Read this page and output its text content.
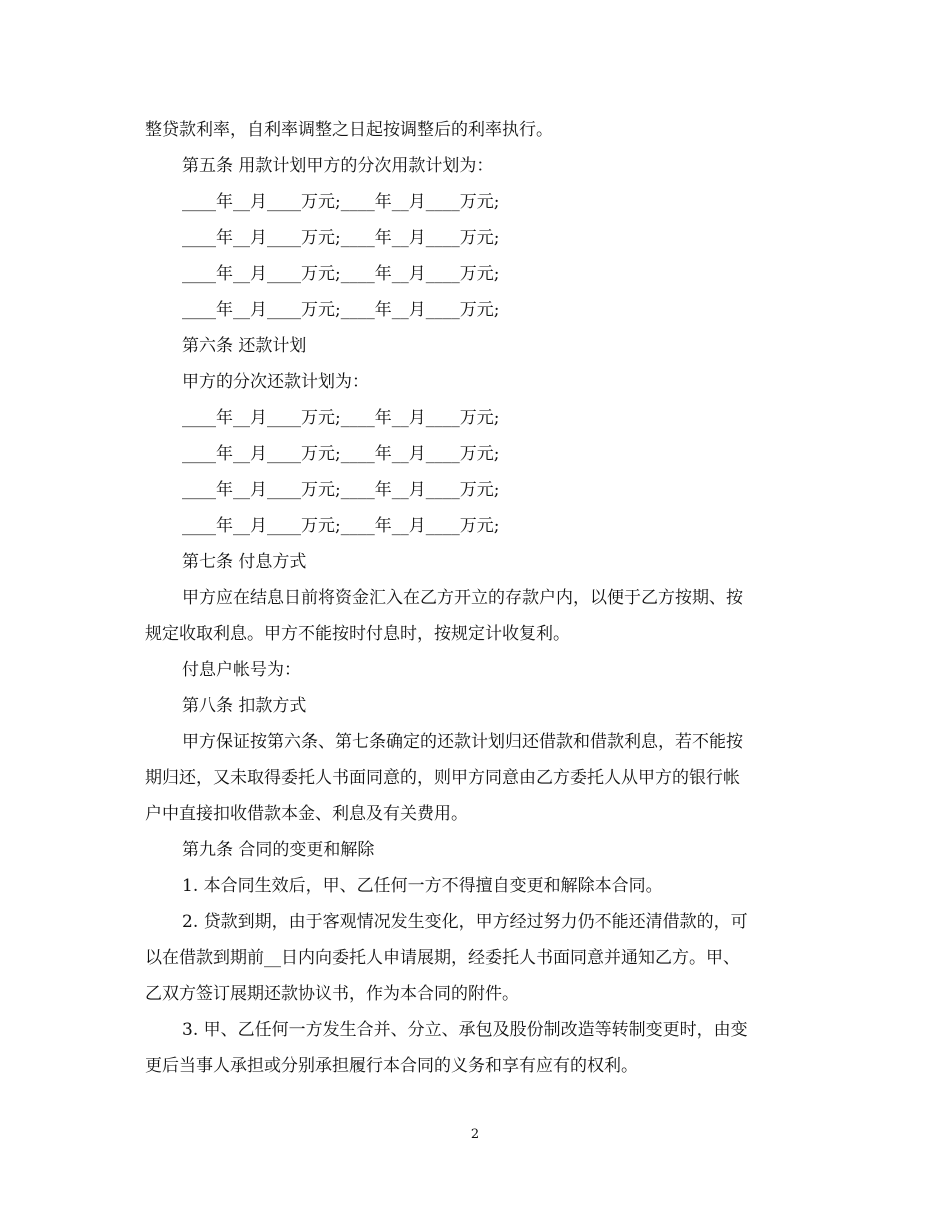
整贷款利率，自利率调整之日起按调整后的利率执行。
第五条 用款计划甲方的分次用款计划为：
____年__月____万元;____年__月____万元;
____年__月____万元;____年__月____万元;
____年__月____万元;____年__月____万元;
____年__月____万元;____年__月____万元;
第六条 还款计划
甲方的分次还款计划为：
____年__月____万元;____年__月____万元;
____年__月____万元;____年__月____万元;
____年__月____万元;____年__月____万元;
____年__月____万元;____年__月____万元;
第七条 付息方式
甲方应在结息日前将资金汇入在乙方开立的存款户内，以便于乙方按期、按
规定收取利息。甲方不能按时付息时，按规定计收复利。
付息户帐号为：
第八条 扣款方式
甲方保证按第六条、第七条确定的还款计划归还借款和借款利息，若不能按
期归还，又未取得委托人书面同意的，则甲方同意由乙方委托人从甲方的银行帐
户中直接扣收借款本金、利息及有关费用。
第九条 合同的变更和解除
1. 本合同生效后，甲、乙任何一方不得擅自变更和解除本合同。
2. 贷款到期，由于客观情况发生变化，甲方经过努力仍不能还清借款的，可
以在借款到期前__日内向委托人申请展期，经委托人书面同意并通知乙方。甲、
乙双方签订展期还款协议书，作为本合同的附件。
3. 甲、乙任何一方发生合并、分立、承包及股份制改造等转制变更时，由变
更后当事人承担或分别承担履行本合同的义务和享有应有的权利。
2
